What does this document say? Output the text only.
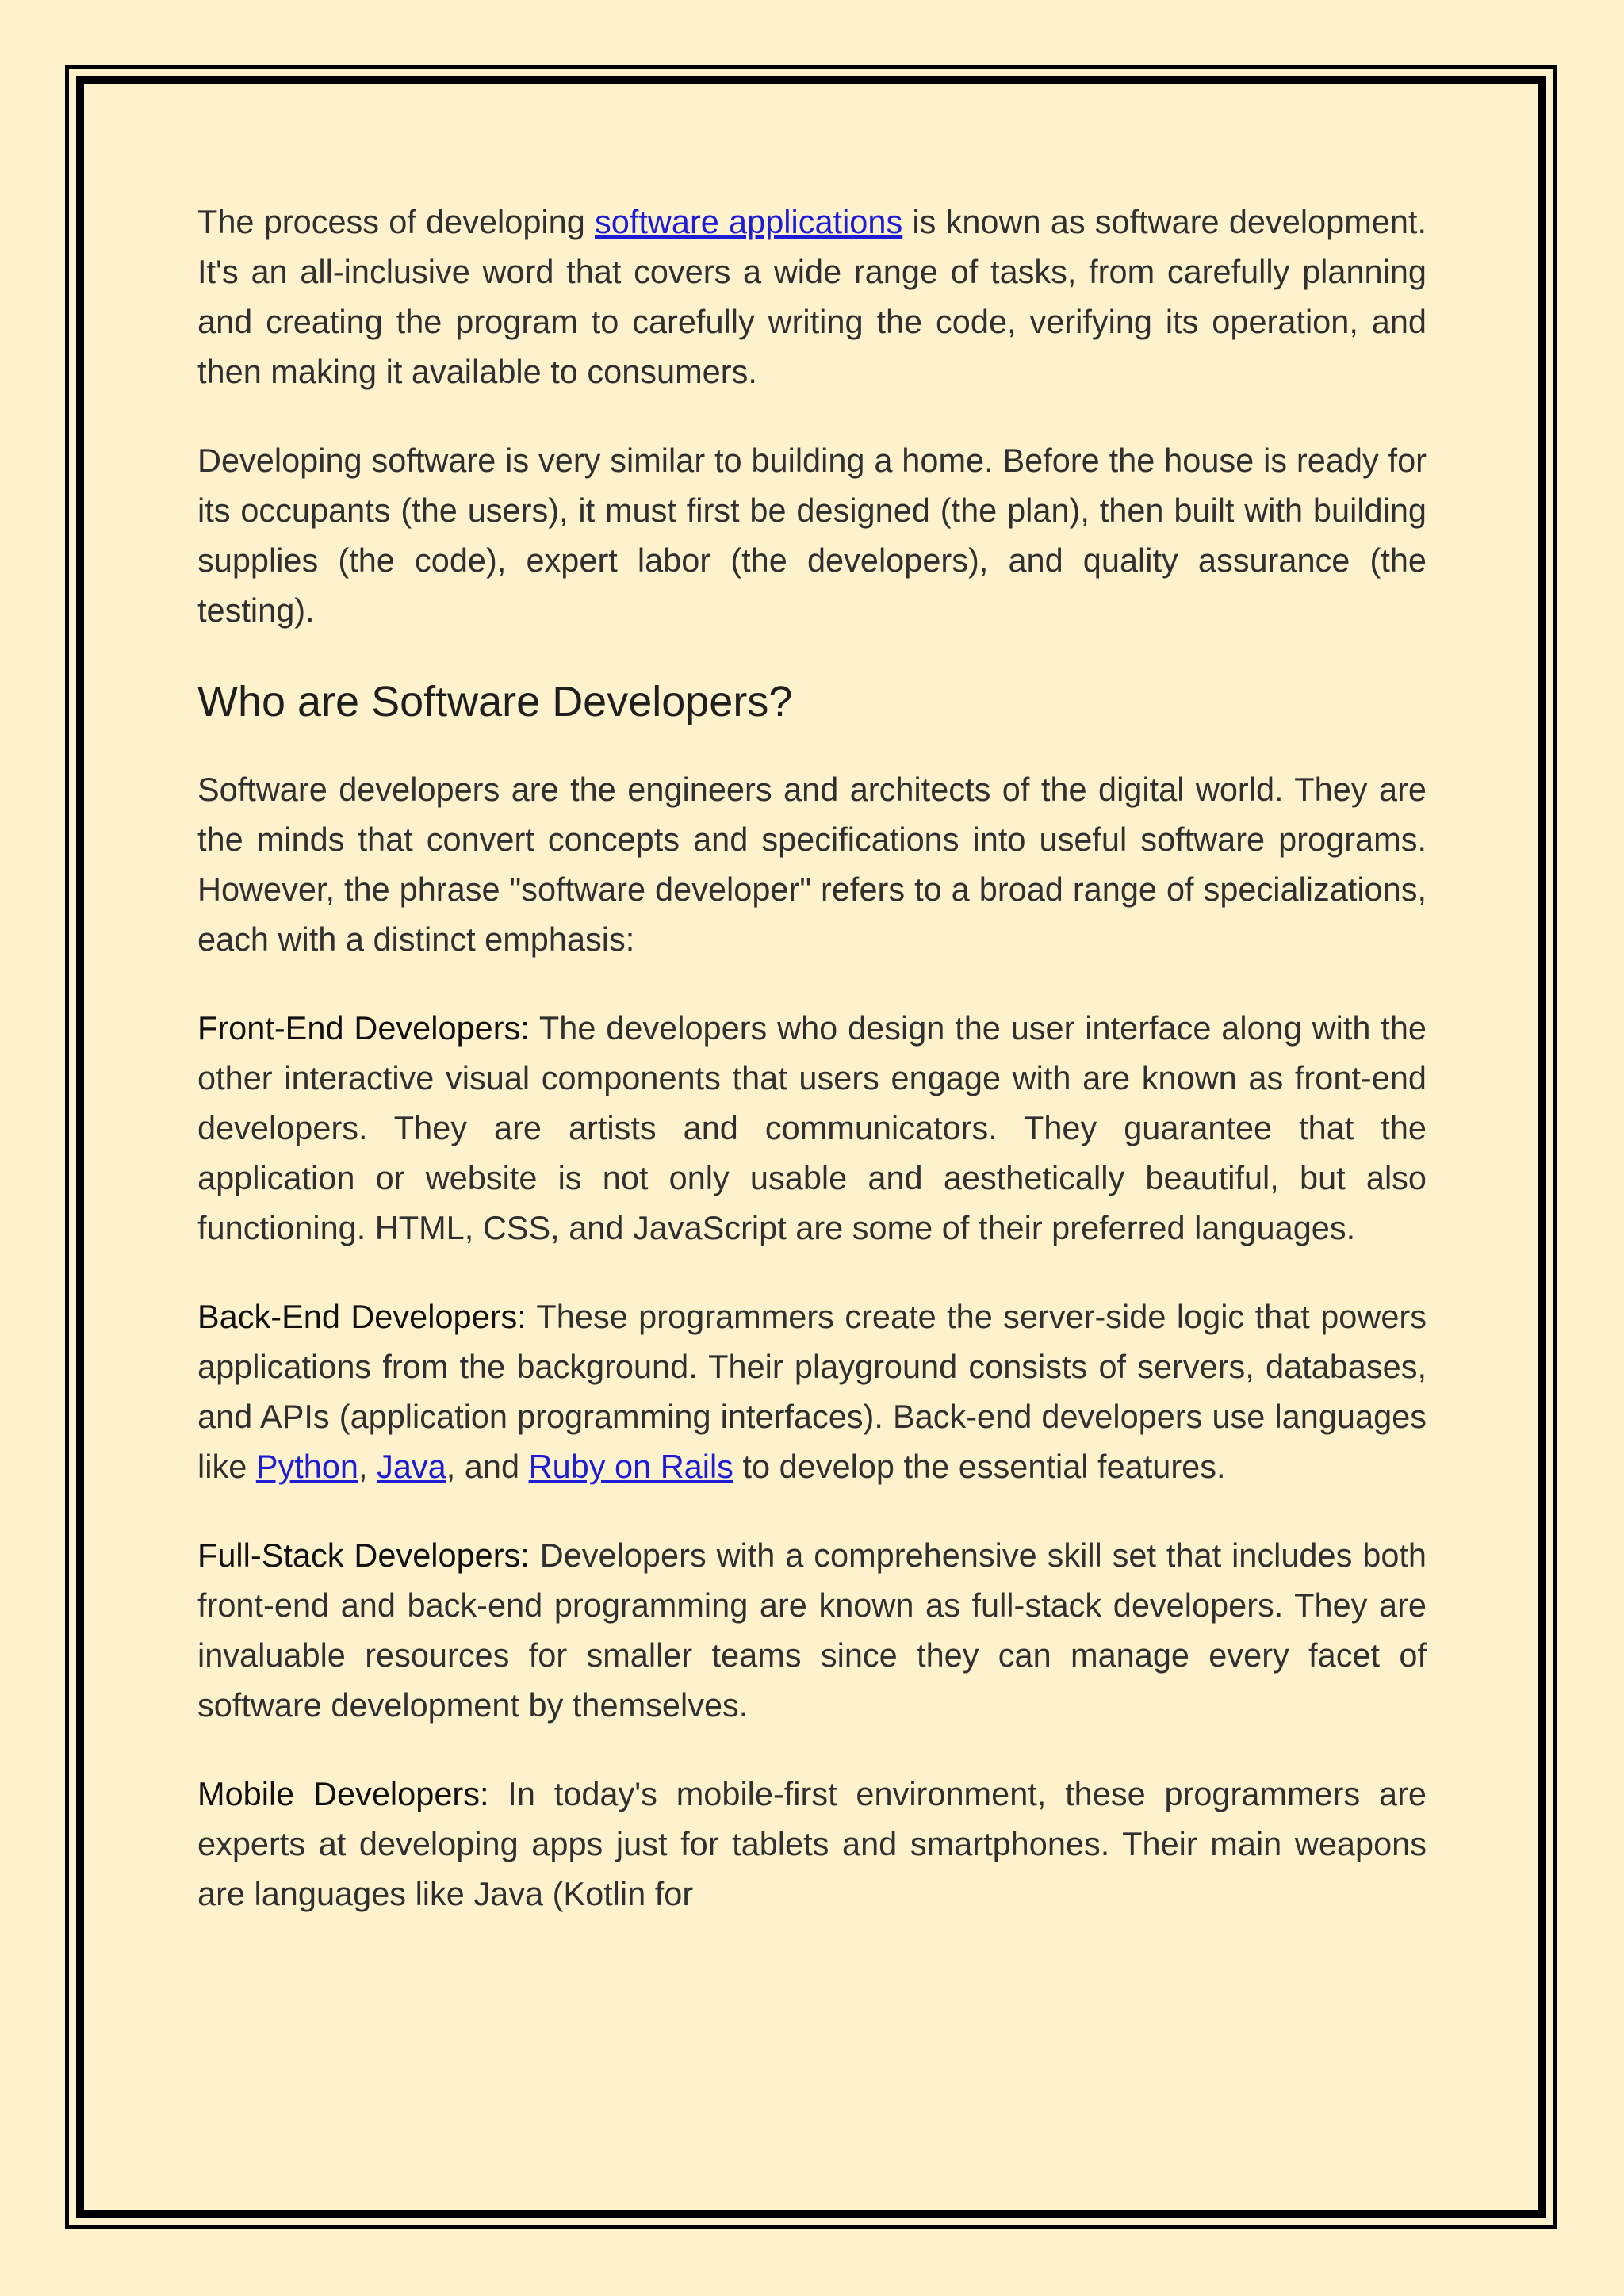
The process of developing software applications is known as software development. It's an all-inclusive word that covers a wide range of tasks, from carefully planning and creating the program to carefully writing the code, verifying its operation, and then making it available to consumers.

Developing software is very similar to building a home. Before the house is ready for its occupants (the users), it must first be designed (the plan), then built with building supplies (the code), expert labor (the developers), and quality assurance (the testing).

Who are Software Developers?

Software developers are the engineers and architects of the digital world. They are the minds that convert concepts and specifications into useful software programs. However, the phrase "software developer" refers to a broad range of specializations, each with a distinct emphasis:

Front-End Developers: The developers who design the user interface along with the other interactive visual components that users engage with are known as front-end developers. They are artists and communicators. They guarantee that the application or website is not only usable and aesthetically beautiful, but also functioning. HTML, CSS, and JavaScript are some of their preferred languages.

Back-End Developers: These programmers create the server-side logic that powers applications from the background. Their playground consists of servers, databases, and APIs (application programming interfaces). Back-end developers use languages like Python, Java, and Ruby on Rails to develop the essential features.

Full-Stack Developers: Developers with a comprehensive skill set that includes both front-end and back-end programming are known as full-stack developers. They are invaluable resources for smaller teams since they can manage every facet of software development by themselves.

Mobile Developers: In today's mobile-first environment, these programmers are experts at developing apps just for tablets and smartphones. Their main weapons are languages like Java (Kotlin for
